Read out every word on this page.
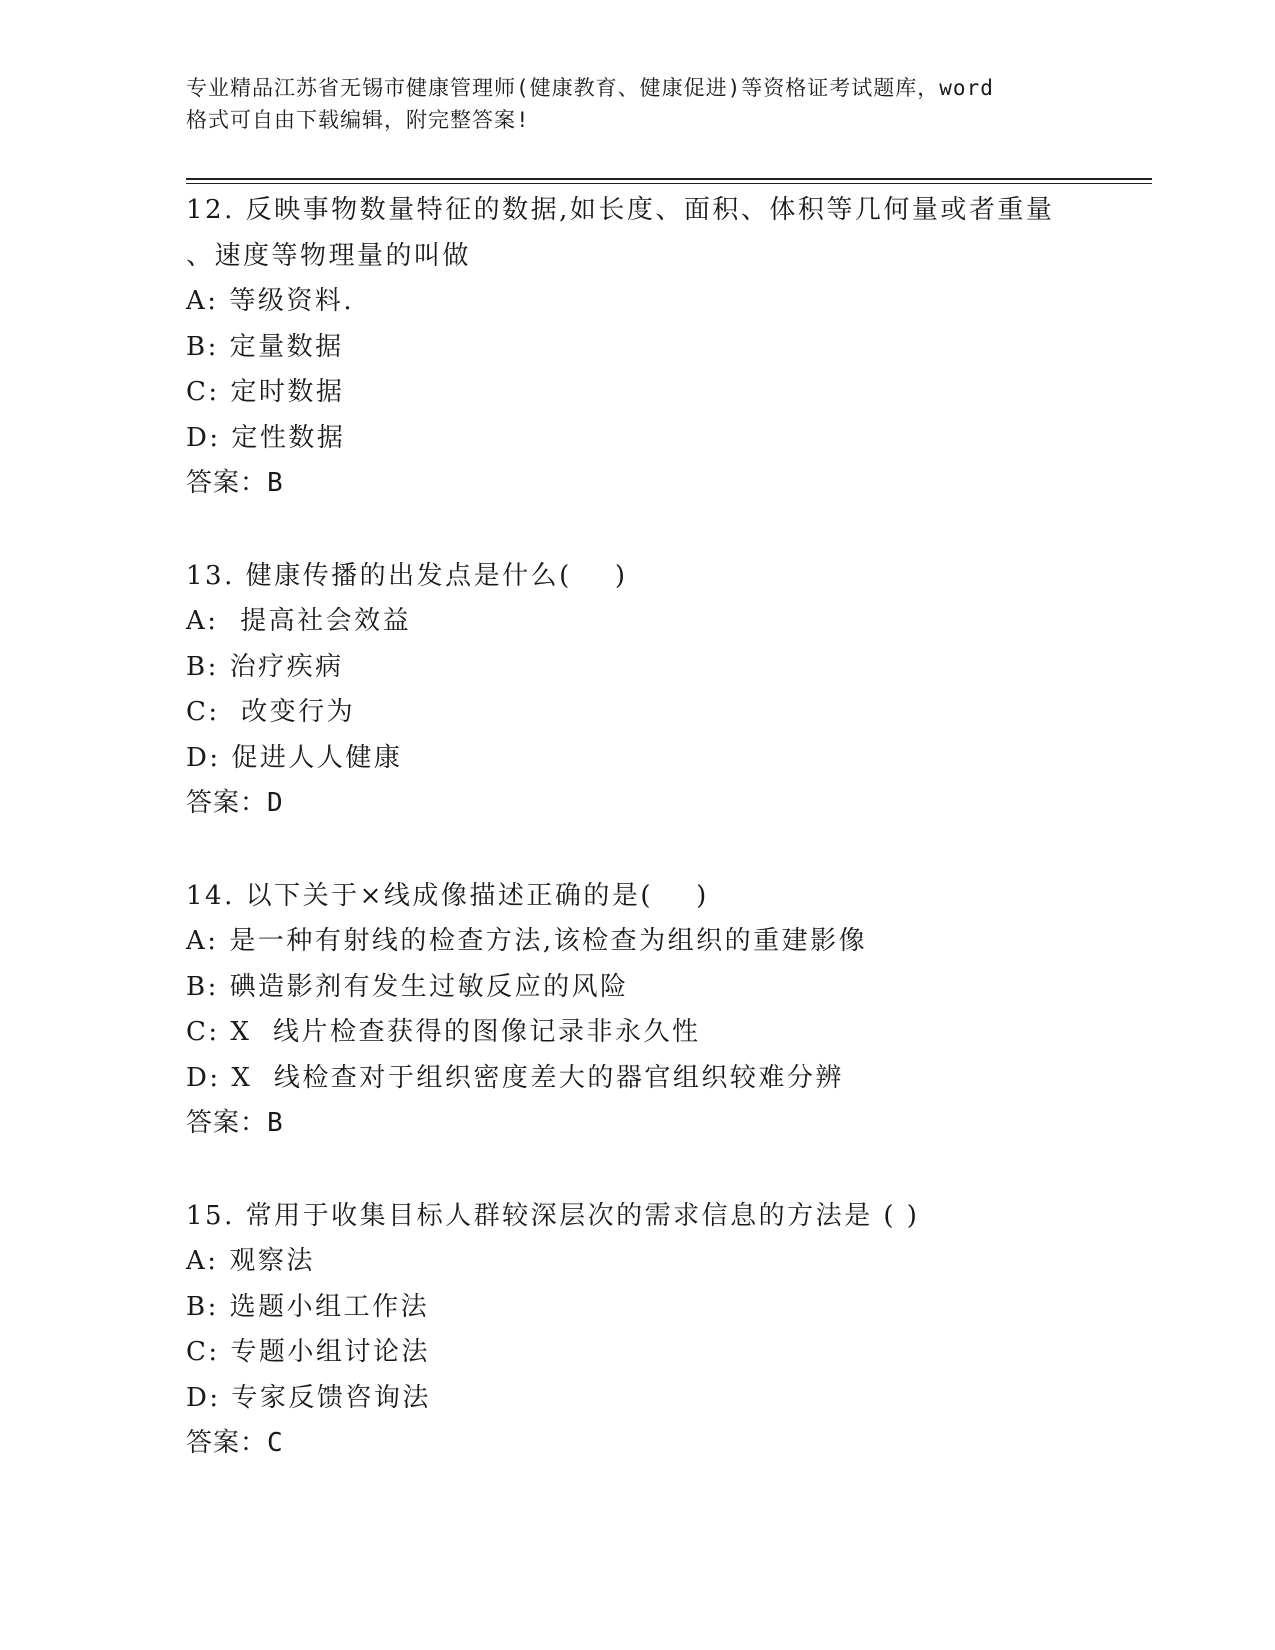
专业精品江苏省无锡市健康管理师(健康教育、健康促进)等资格证考试题库，word
格式可自由下载编辑，附完整答案!
12. 反映事物数量特征的数据,如长度、面积、体积等几何量或者重量
、速度等物理量的叫做
A: 等级资料.
B: 定量数据
C: 定时数据
D: 定性数据
答案：B
13. 健康传播的出发点是什么(    )
A:  提高社会效益
B: 治疗疾病
C:  改变行为
D: 促进人人健康
答案：D
14. 以下关于×线成像描述正确的是(    )
A: 是一种有射线的检查方法,该检查为组织的重建影像
B: 碘造影剂有发生过敏反应的风险
C: X  线片检查获得的图像记录非永久性
D: X  线检查对于组织密度差大的器官组织较难分辨
答案：B
15. 常用于收集目标人群较深层次的需求信息的方法是 ( )
A: 观察法
B: 选题小组工作法
C: 专题小组讨论法
D: 专家反馈咨询法
答案：C
